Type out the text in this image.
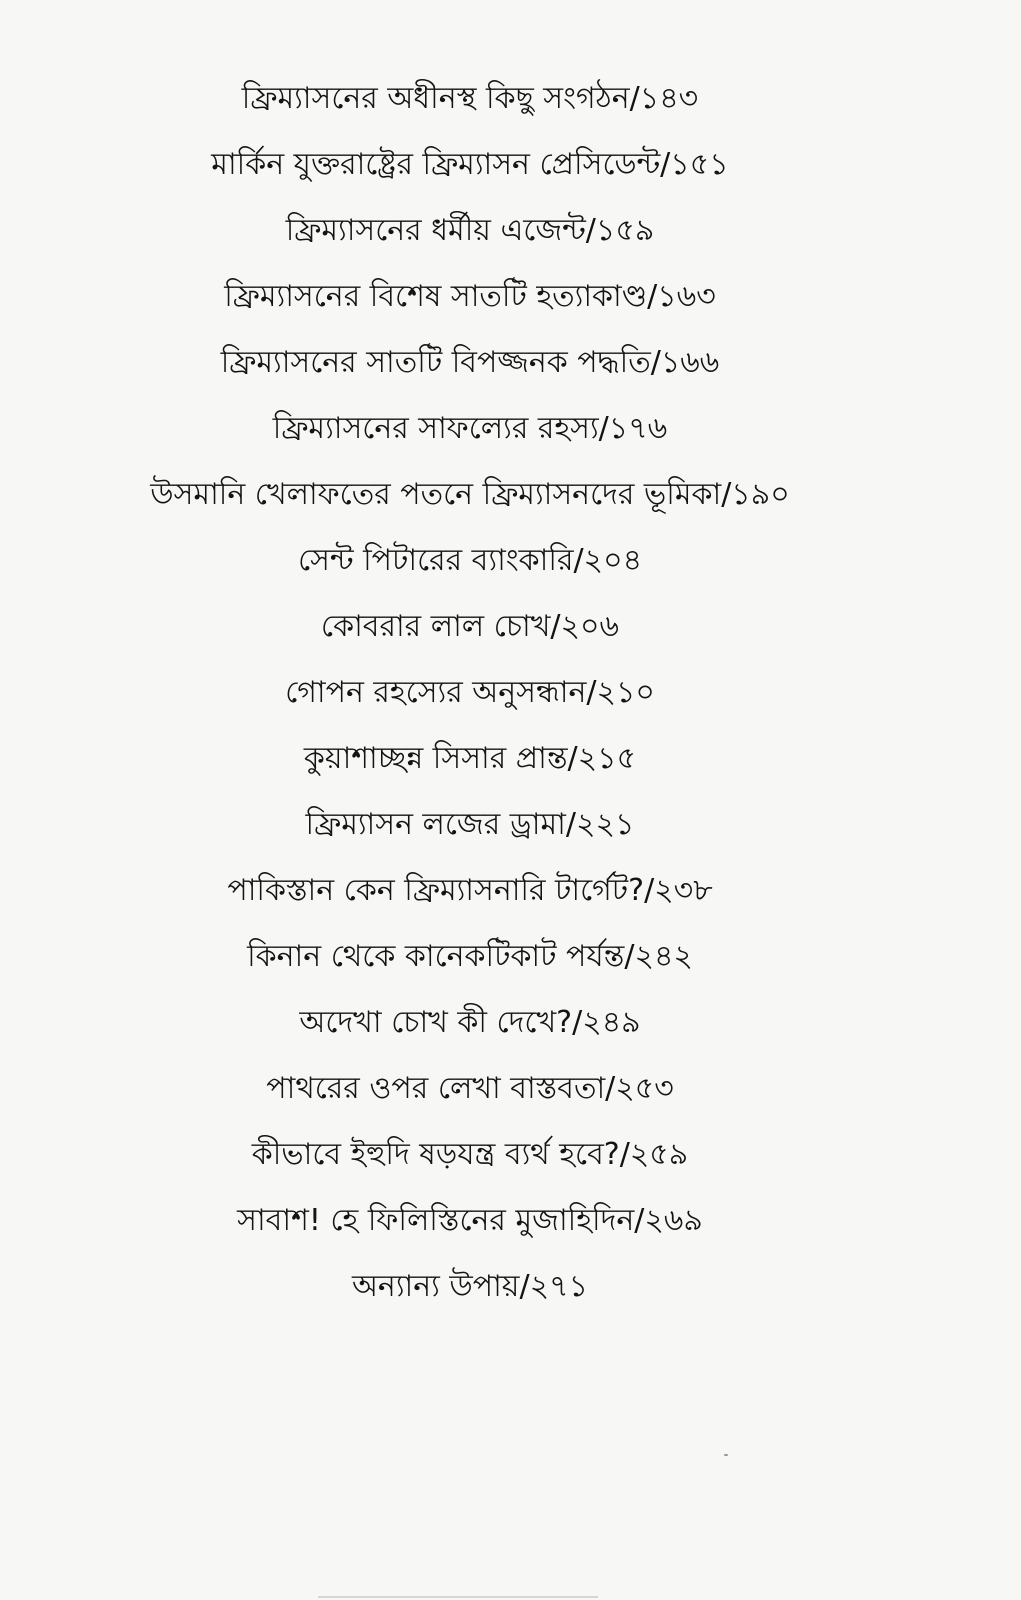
ফ্রিম্যাসনের অধীনস্থ কিছু সংগঠন/১৪৩
মার্কিন যুক্তরাষ্ট্রের ফ্রিম্যাসন প্রেসিডেন্ট/১৫১
ফ্রিম্যাসনের ধর্মীয় এজেন্ট/১৫৯
ফ্রিম্যাসনের বিশেষ সাতটি হত্যাকাণ্ড/১৬৩
ফ্রিম্যাসনের সাতটি বিপজ্জনক পদ্ধতি/১৬৬
ফ্রিম্যাসনের সাফল্যের রহস্য/১৭৬
উসমানি খেলাফতের পতনে ফ্রিম্যাসনদের ভূমিকা/১৯০
সেন্ট পিটারের ব্যাংকারি/২০৪
কোবরার লাল চোখ/২০৬
গোপন রহস্যের অনুসন্ধান/২১০
কুয়াশাচ্ছন্ন সিসার প্রান্ত/২১৫
ফ্রিম্যাসন লজের ড্রামা/২২১
পাকিস্তান কেন ফ্রিম্যাসনারি টার্গেট?/২৩৮
কিনান থেকে কানেকটিকাট পর্যন্ত/২৪২
অদেখা চোখ কী দেখে?/২৪৯
পাথরের ওপর লেখা বাস্তবতা/২৫৩
কীভাবে ইহুদি ষড়যন্ত্র ব্যর্থ হবে?/২৫৯
সাবাশ! হে ফিলিস্তিনের মুজাহিদিন/২৬৯
অন্যান্য উপায়/২৭১
